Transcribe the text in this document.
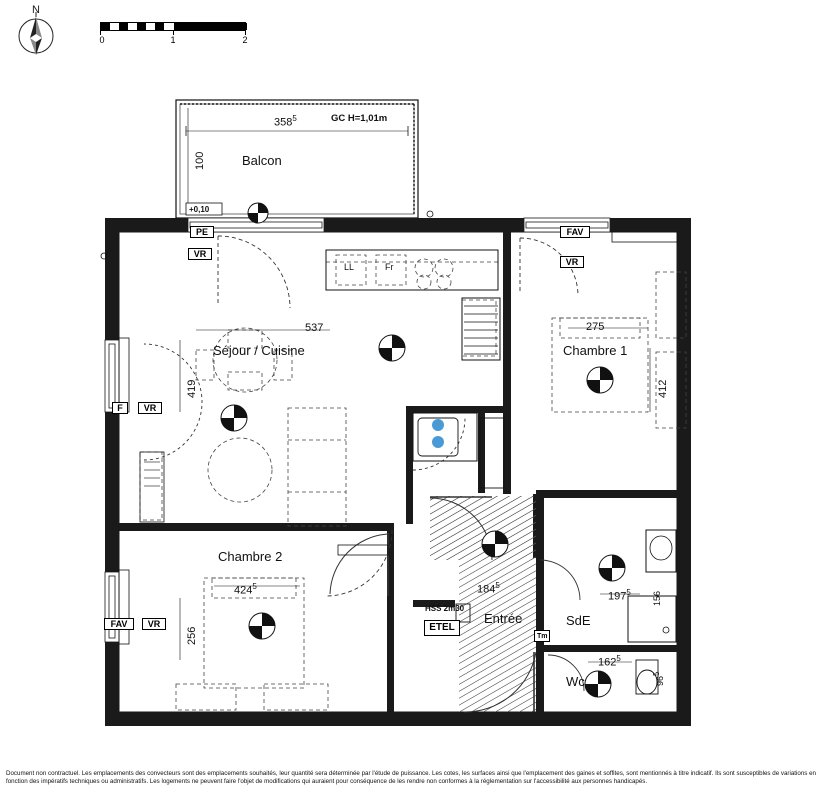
N
0	1	2
Balcon
$358^5$
100
GC H=1,01m
+0,10
Séjour / Cuisine
537
419
Chambre 1
275
412
Chambre 2
$424^5$
256
Entrée
$184^5$
SdE
$197^5$ 156
Wc
$162^5$
$96^5$
PE	FAV
VR
VR
VR
F
FAV	VR	ETEL
HSS 2m30
LL	Fr
Tm
Document non contractuel. Les emplacements des convecteurs sont des emplacements souhaités, leur quantité sera déterminée par l'étude de puissance. Les cotes, les surfaces ainsi que l'emplacement des gaines et soffites, sont mentionnés à titre indicatif. Ils sont susceptibles de variations en fonction des impératifs techniques ou administratifs. Les logements ne peuvent faire l'objet de modifications qui auraient pour conséquence de les rendre non conformes à la réglementation sur l'accessibilité aux personnes handicapés.
